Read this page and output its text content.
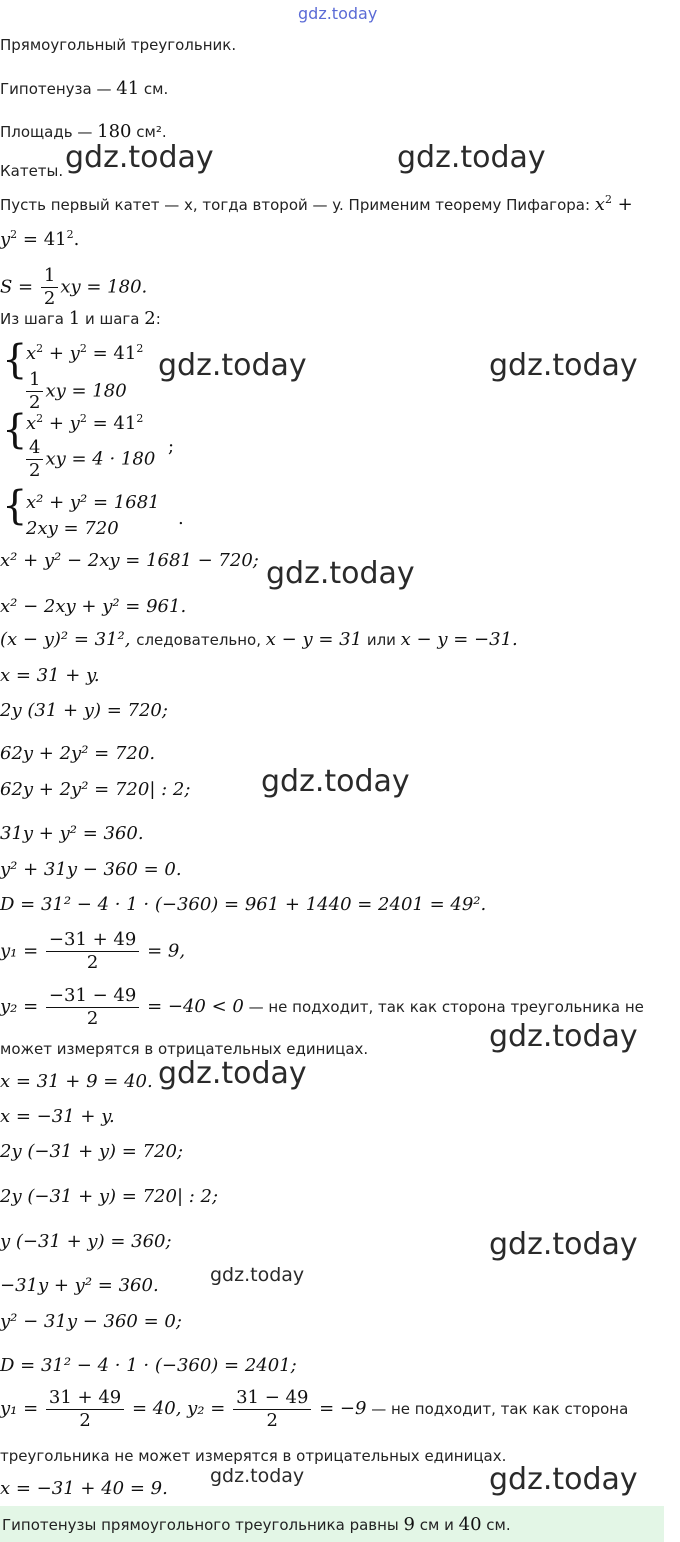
gdz.today
Прямоугольный треугольник.
Гипотенуза — 41 см.
Площадь — 180 см².
Катеты.
Пусть первый катет — x, тогда второй — y. Применим теорему Пифагора: $x^2$ +
$y^2 = 41^2$.
$S = \frac{1}{2}$ xy = 180.
Из шага 1 и шага 2:
{
$x^2 + y^2 = 41^2$
$\frac{1}{2}$ xy = 180
{
$x^2 + y^2 = 41^2$
$\frac{4}{2}$ xy = 4 · 180
;
{
x² + y² = 1681
2xy = 720	.
x² + y² − 2xy = 1681 − 720;
x² − 2xy + y² = 961.
(x − y)² = 31², следовательно, x − y = 31 или x − y = −31.
x = 31 + y.
2y (31 + y) = 720;
62y + 2y² = 720.
62y + 2y² = 720| : 2;
31y + y² = 360.
y² + 31y − 360 = 0.
D = 31² − 4 · 1 · (−360) = 961 + 1440 = 2401 = 49².
$y_1 = \frac{-31 + 49}{2} = 9$,
$y_2 = \frac{-31 - 49}{2} = -40 < 0$ — не подходит, так как сторона треугольника не
может измерятся в отрицательных единицах.
x = 31 + 9 = 40.
x = −31 + y.
2y (−31 + y) = 720;
2y (−31 + y) = 720| : 2;
y (−31 + y) = 360;
−31y + y² = 360.
y² − 31y − 360 = 0;
D = 31² − 4 · 1 · (−360) = 2401;
$y_1 = \frac{31 + 49}{2} = 40$, $y_2 = \frac{31 - 49}{2} = -9$ — не подходит, так как сторона
треугольника не может измерятся в отрицательных единицах.
x = −31 + 40 = 9.
Гипотенузы прямоугольного треугольника равны 9 см и 40 см.
gdz.today	gdz.today
gdz.today	gdz.today
gdz.today
gdz.today
gdz.today
gdz.today
gdz.today
gdz.today
gdz.today	gdz.today
